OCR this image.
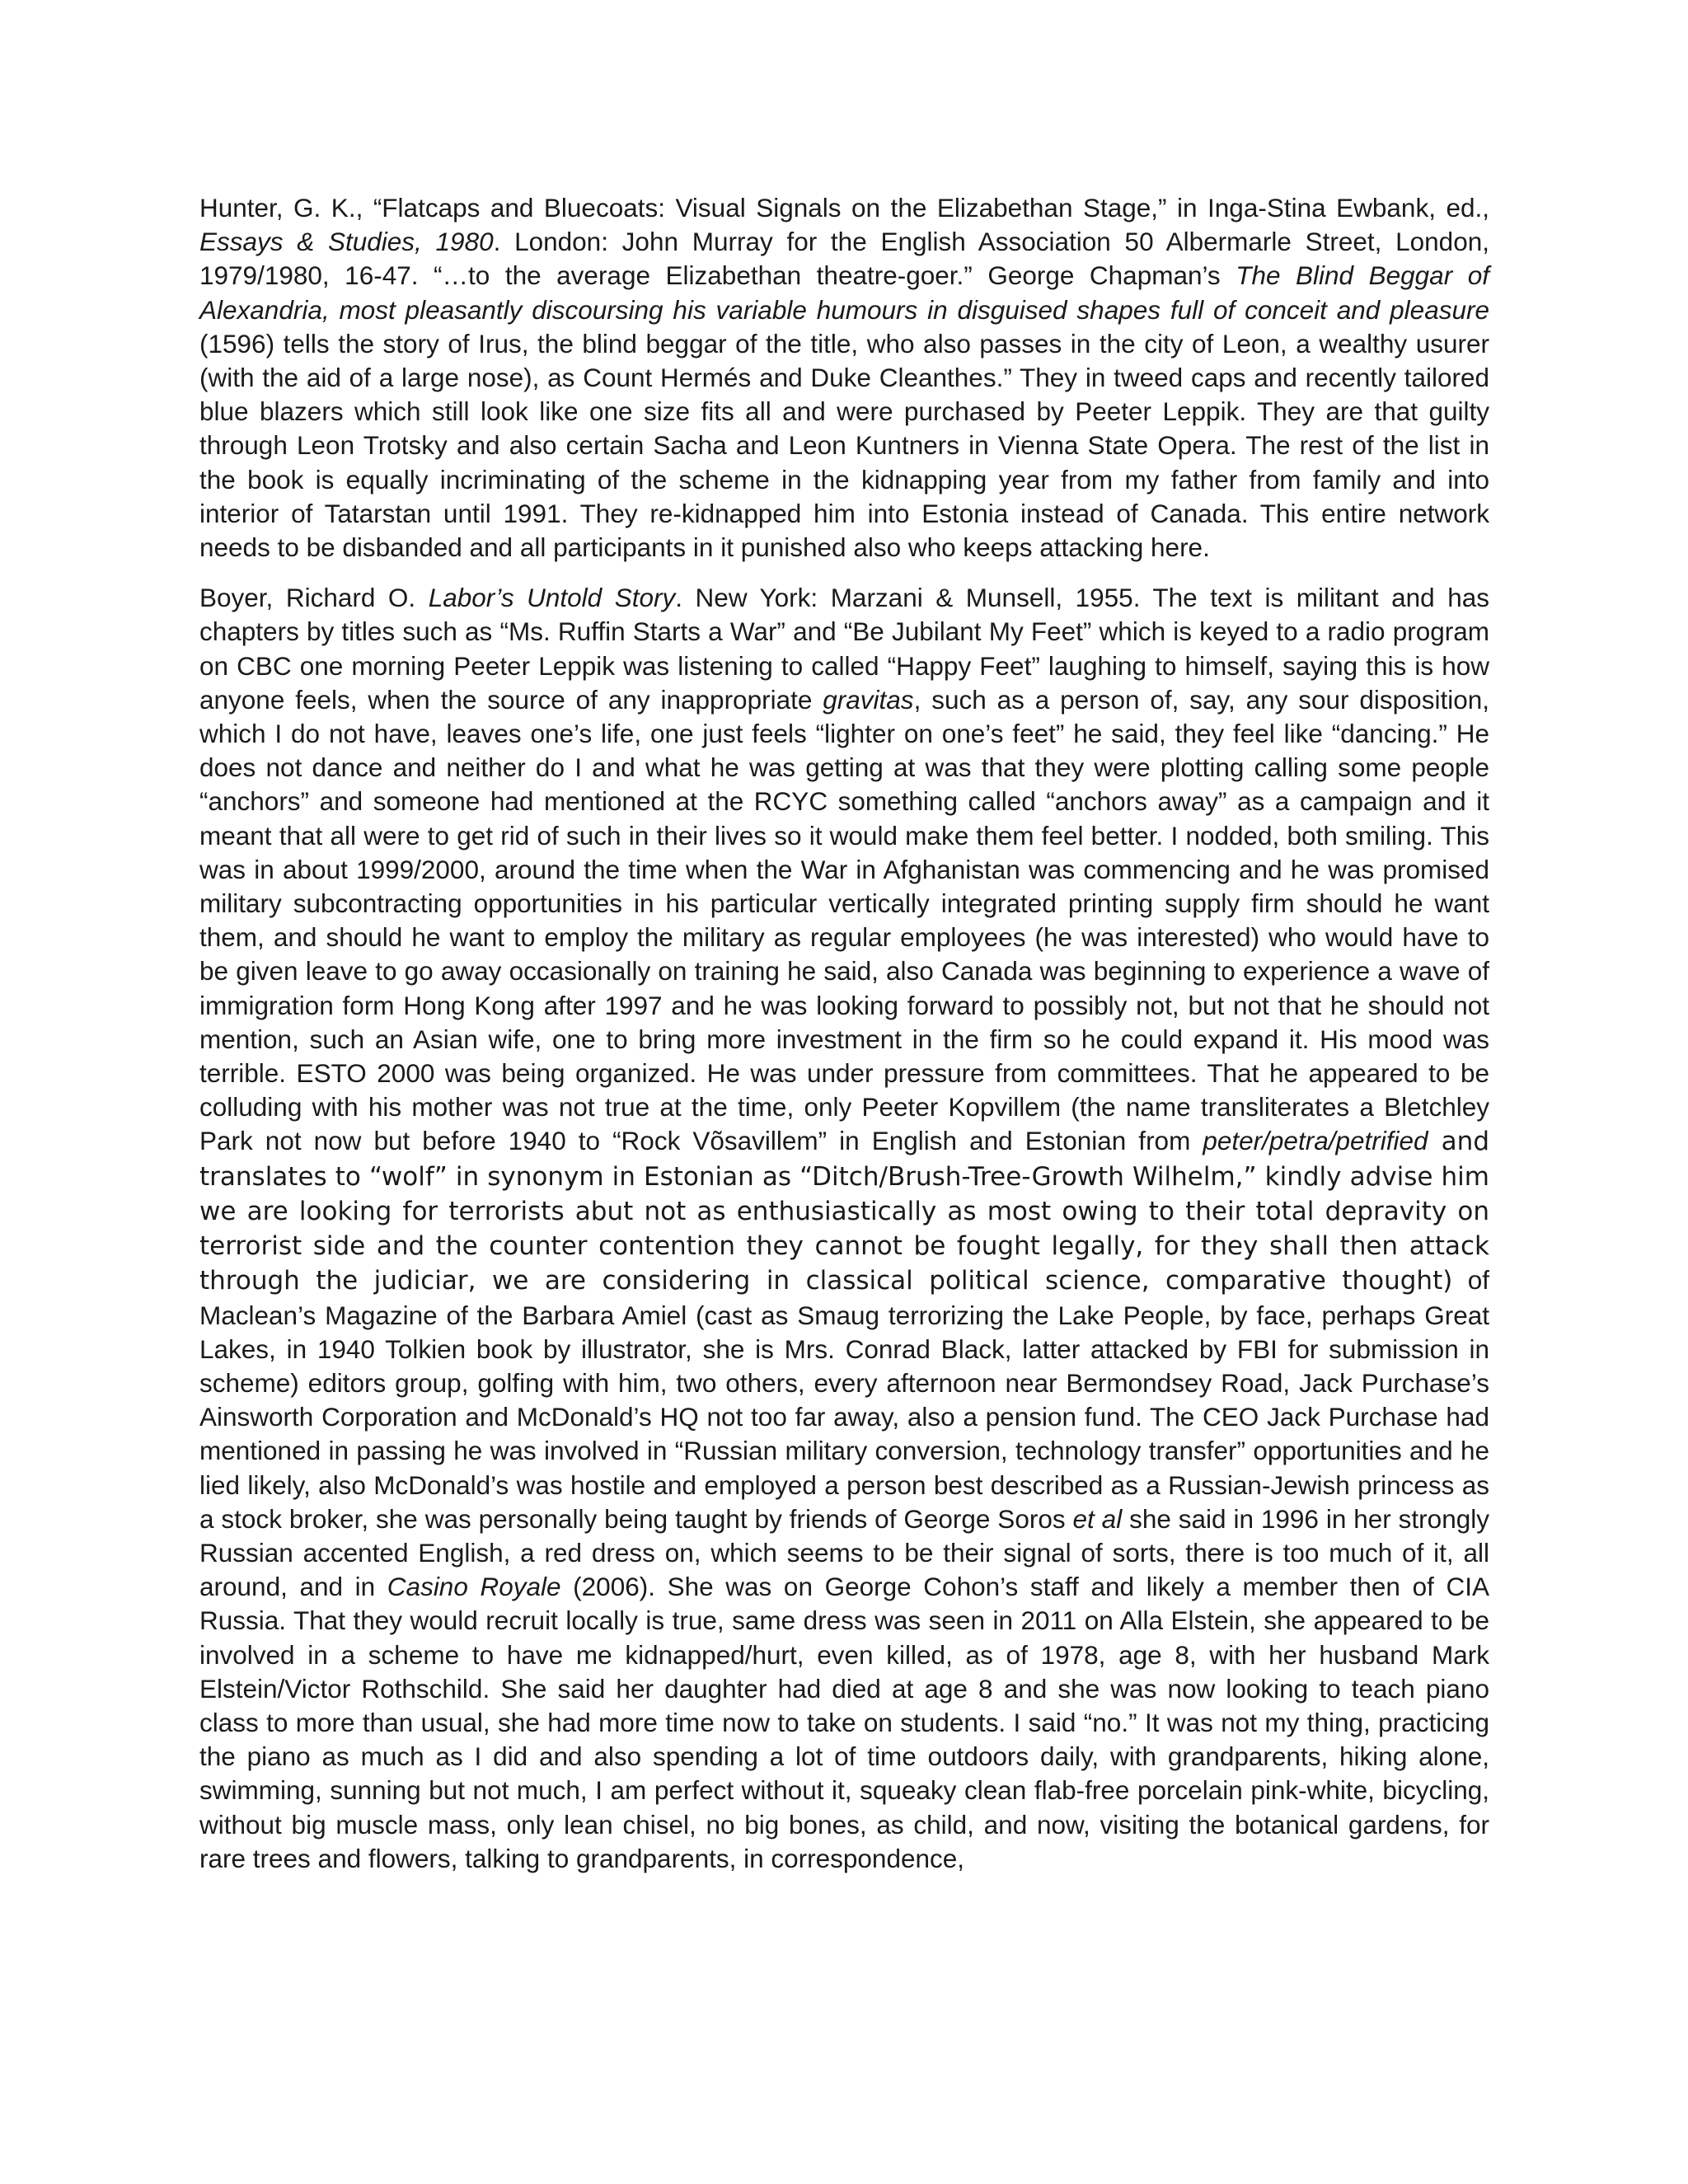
Hunter, G. K., “Flatcaps and Bluecoats: Visual Signals on the Elizabethan Stage,” in Inga-Stina Ewbank, ed., Essays & Studies, 1980. London: John Murray for the English Association 50 Albermarle Street, London, 1979/1980, 16-47. “…to the average Elizabethan theatre-goer.” George Chapman’s The Blind Beggar of Alexandria, most pleasantly discoursing his variable humours in disguised shapes full of conceit and pleasure (1596) tells the story of Irus, the blind beggar of the title, who also passes in the city of Leon, a wealthy usurer (with the aid of a large nose), as Count Hermés and Duke Cleanthes.” They in tweed caps and recently tailored blue blazers which still look like one size fits all and were purchased by Peeter Leppik. They are that guilty through Leon Trotsky and also certain Sacha and Leon Kuntners in Vienna State Opera. The rest of the list in the book is equally incriminating of the scheme in the kidnapping year from my father from family and into interior of Tatarstan until 1991. They re-kidnapped him into Estonia instead of Canada. This entire network needs to be disbanded and all participants in it punished also who keeps attacking here.

Boyer, Richard O. Labor’s Untold Story. New York: Marzani & Munsell, 1955. The text is militant and has chapters by titles such as “Ms. Ruffin Starts a War” and “Be Jubilant My Feet” which is keyed to a radio program on CBC one morning Peeter Leppik was listening to called “Happy Feet” laughing to himself, saying this is how anyone feels, when the source of any inappropriate gravitas, such as a person of, say, any sour disposition, which I do not have, leaves one’s life, one just feels “lighter on one’s feet” he said, they feel like “dancing.” He does not dance and neither do I and what he was getting at was that they were plotting calling some people “anchors” and someone had mentioned at the RCYC something called “anchors away” as a campaign and it meant that all were to get rid of such in their lives so it would make them feel better. I nodded, both smiling. This was in about 1999/2000, around the time when the War in Afghanistan was commencing and he was promised military subcontracting opportunities in his particular vertically integrated printing supply firm should he want them, and should he want to employ the military as regular employees (he was interested) who would have to be given leave to go away occasionally on training he said, also Canada was beginning to experience a wave of immigration form Hong Kong after 1997 and he was looking forward to possibly not, but not that he should not mention, such an Asian wife, one to bring more investment in the firm so he could expand it. His mood was terrible. ESTO 2000 was being organized. He was under pressure from committees. That he appeared to be colluding with his mother was not true at the time, only Peeter Kopvillem (the name transliterates a Bletchley Park not now but before 1940 to “Rock Võsavillem” in English and Estonian from peter/petra/petrified and translates to “wolf” in synonym in Estonian as “Ditch/Brush-Tree-Growth Wilhelm,” kindly advise him we are looking for terrorists abut not as enthusiastically as most owing to their total depravity on terrorist side and the counter contention they cannot be fought legally, for they shall then attack through the judiciar, we are considering in classical political science, comparative thought) of Maclean’s Magazine of the Barbara Amiel (cast as Smaug terrorizing the Lake People, by face, perhaps Great Lakes, in 1940 Tolkien book by illustrator, she is Mrs. Conrad Black, latter attacked by FBI for submission in scheme) editors group, golfing with him, two others, every afternoon near Bermondsey Road, Jack Purchase’s Ainsworth Corporation and McDonald’s HQ not too far away, also a pension fund. The CEO Jack Purchase had mentioned in passing he was involved in “Russian military conversion, technology transfer” opportunities and he lied likely, also McDonald’s was hostile and employed a person best described as a Russian-Jewish princess as a stock broker, she was personally being taught by friends of George Soros et al she said in 1996 in her strongly Russian accented English, a red dress on, which seems to be their signal of sorts, there is too much of it, all around, and in Casino Royale (2006). She was on George Cohon’s staff and likely a member then of CIA Russia. That they would recruit locally is true, same dress was seen in 2011 on Alla Elstein, she appeared to be involved in a scheme to have me kidnapped/hurt, even killed, as of 1978, age 8, with her husband Mark Elstein/Victor Rothschild. She said her daughter had died at age 8 and she was now looking to teach piano class to more than usual, she had more time now to take on students. I said “no.” It was not my thing, practicing the piano as much as I did and also spending a lot of time outdoors daily, with grandparents, hiking alone, swimming, sunning but not much, I am perfect without it, squeaky clean flab-free porcelain pink-white, bicycling, without big muscle mass, only lean chisel, no big bones, as child, and now, visiting the botanical gardens, for rare trees and flowers, talking to grandparents, in correspondence,
